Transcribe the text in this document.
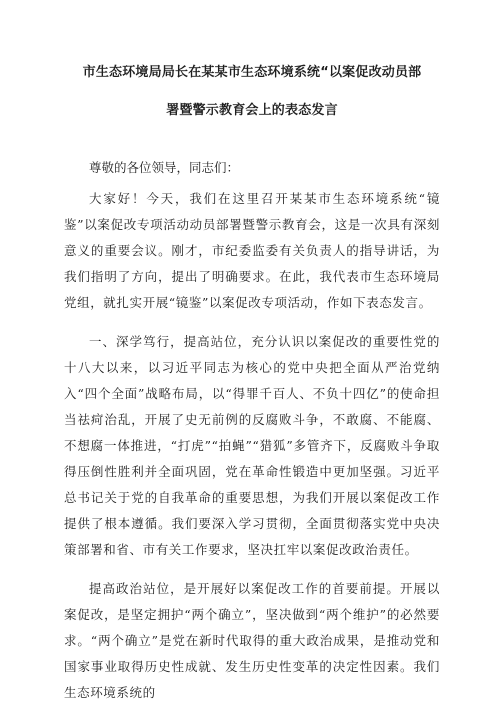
市生态环境局局长在某某市生态环境系统“以案促改动员部
署暨警示教育会上的表态发言

尊敬的各位领导，同志们：

大家好！今天，我们在这里召开某某市生态环境系统“镜鉴”以案促改专项活动动员部署暨警示教育会，这是一次具有深刻意义的重要会议。刚才，市纪委监委有关负责人的指导讲话，为我们指明了方向，提出了明确要求。在此，我代表市生态环境局党组，就扎实开展“镜鉴”以案促改专项活动，作如下表态发言。

一、深学笃行，提高站位，充分认识以案促改的重要性党的十八大以来，以习近平同志为核心的党中央把全面从严治党纳入“四个全面”战略布局，以“得罪千百人、不负十四亿”的使命担当祛疴治乱，开展了史无前例的反腐败斗争，不敢腐、不能腐、不想腐一体推进，“打虎”“拍蝇”“猎狐”多管齐下，反腐败斗争取得压倒性胜利并全面巩固，党在革命性锻造中更加坚强。习近平总书记关于党的自我革命的重要思想，为我们开展以案促改工作提供了根本遵循。我们要深入学习贯彻，全面贯彻落实党中央决策部署和省、市有关工作要求，坚决扛牢以案促改政治责任。

提高政治站位，是开展好以案促改工作的首要前提。开展以案促改，是坚定拥护“两个确立”，坚决做到“两个维护”的必然要求。“两个确立”是党在新时代取得的重大政治成果，是推动党和国家事业取得历史性成就、发生历史性变革的决定性因素。我们生态环境系统的
